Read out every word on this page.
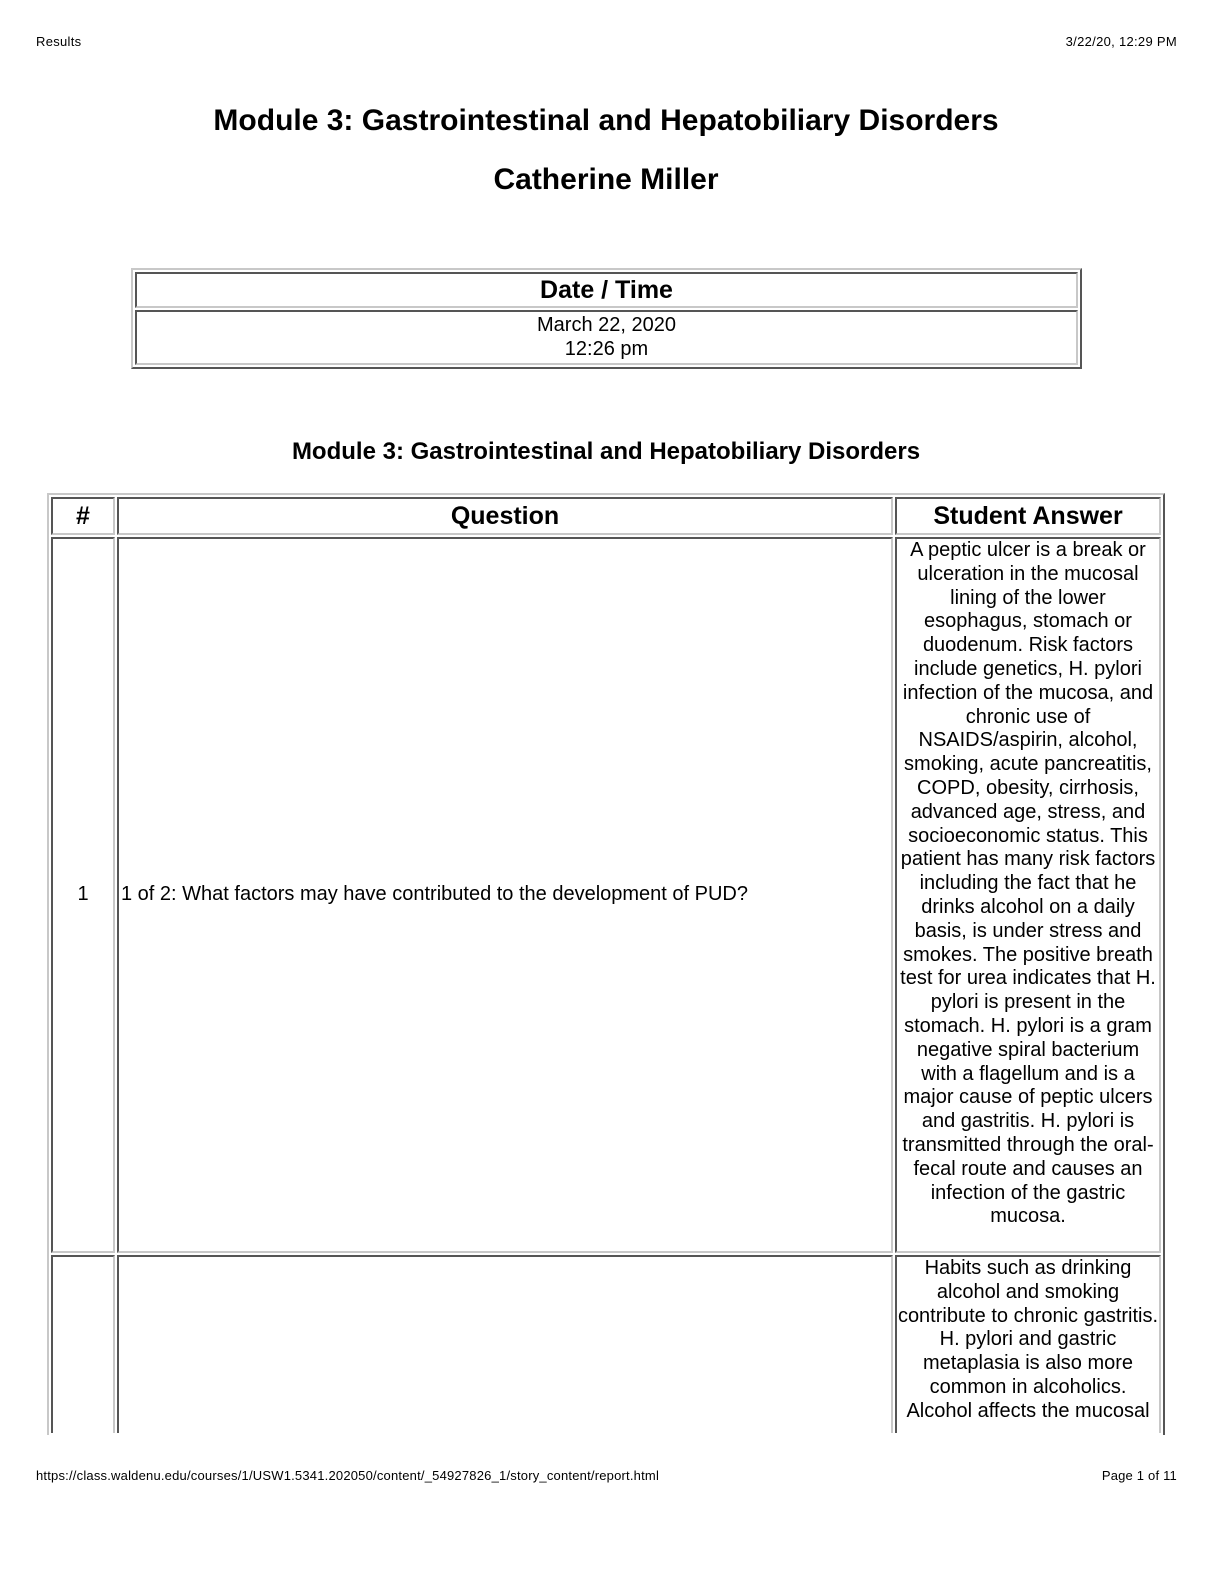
Results	3/22/20, 12:29 PM
Module 3: Gastrointestinal and Hepatobiliary Disorders
Catherine Miller
Date / Time

March 22, 2020
12:26 pm
Module 3: Gastrointestinal and Hepatobiliary Disorders
#	Question	Student Answer
1	1 of 2: What factors may have contributed to the development of PUD?	A peptic ulcer is a break or ulceration in the mucosal lining of the lower esophagus, stomach or duodenum. Risk factors include genetics, H. pylori infection of the mucosa, and chronic use of NSAIDS/aspirin, alcohol, smoking, acute pancreatitis, COPD, obesity, cirrhosis, advanced age, stress, and socioeconomic status. This patient has many risk factors including the fact that he drinks alcohol on a daily basis, is under stress and smokes. The positive breath test for urea indicates that H. pylori is present in the stomach. H. pylori is a gram negative spiral bacterium with a flagellum and is a major cause of peptic ulcers and gastritis. H. pylori is transmitted through the oral-fecal route and causes an infection of the gastric mucosa.
		Habits such as drinking alcohol and smoking contribute to chronic gastritis. H. pylori and gastric metaplasia is also more common in alcoholics. Alcohol affects the mucosal
https://class.waldenu.edu/courses/1/USW1.5341.202050/content/_54927826_1/story_content/report.html	Page 1 of 11
